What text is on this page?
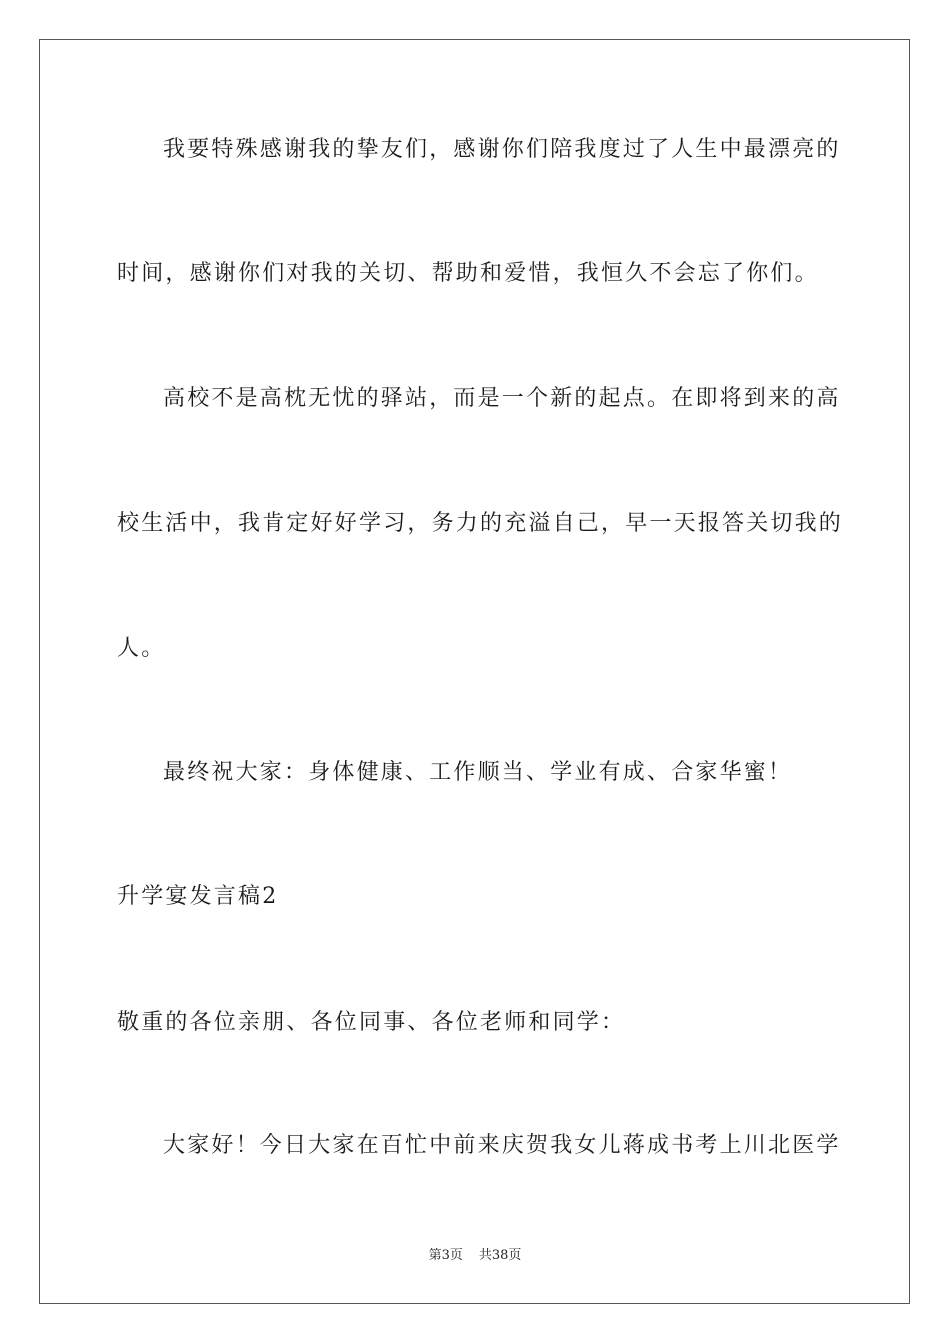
我要特殊感谢我的挚友们，感谢你们陪我度过了人生中最漂亮的
时间，感谢你们对我的关切、帮助和爱惜，我恒久不会忘了你们。
高校不是高枕无忧的驿站，而是一个新的起点。在即将到来的高
校生活中，我肯定好好学习，务力的充溢自己，早一天报答关切我的
人。
最终祝大家：身体健康、工作顺当、学业有成、合家华蜜！
升学宴发言稿2
敬重的各位亲朋、各位同事、各位老师和同学：
大家好！今日大家在百忙中前来庆贺我女儿蒋成书考上川北医学
第3页 共38页
